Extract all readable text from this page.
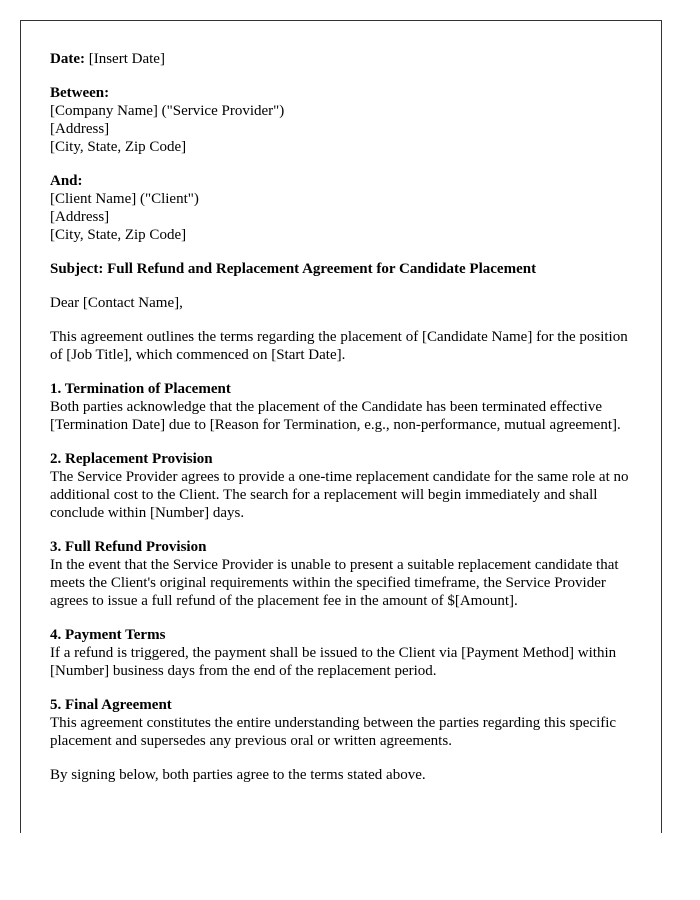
Date: [Insert Date]

Between:
[Company Name] ("Service Provider")
[Address]
[City, State, Zip Code]

And:
[Client Name] ("Client")
[Address]
[City, State, Zip Code]

Subject: Full Refund and Replacement Agreement for Candidate Placement

Dear [Contact Name],

This agreement outlines the terms regarding the placement of [Candidate Name] for the position of [Job Title], which commenced on [Start Date].

1. Termination of Placement
Both parties acknowledge that the placement of the Candidate has been terminated effective [Termination Date] due to [Reason for Termination, e.g., non-performance, mutual agreement].

2. Replacement Provision
The Service Provider agrees to provide a one-time replacement candidate for the same role at no additional cost to the Client. The search for a replacement will begin immediately and shall conclude within [Number] days.

3. Full Refund Provision
In the event that the Service Provider is unable to present a suitable replacement candidate that meets the Client's original requirements within the specified timeframe, the Service Provider agrees to issue a full refund of the placement fee in the amount of $[Amount].

4. Payment Terms
If a refund is triggered, the payment shall be issued to the Client via [Payment Method] within [Number] business days from the end of the replacement period.

5. Final Agreement
This agreement constitutes the entire understanding between the parties regarding this specific placement and supersedes any previous oral or written agreements.

By signing below, both parties agree to the terms stated above.
